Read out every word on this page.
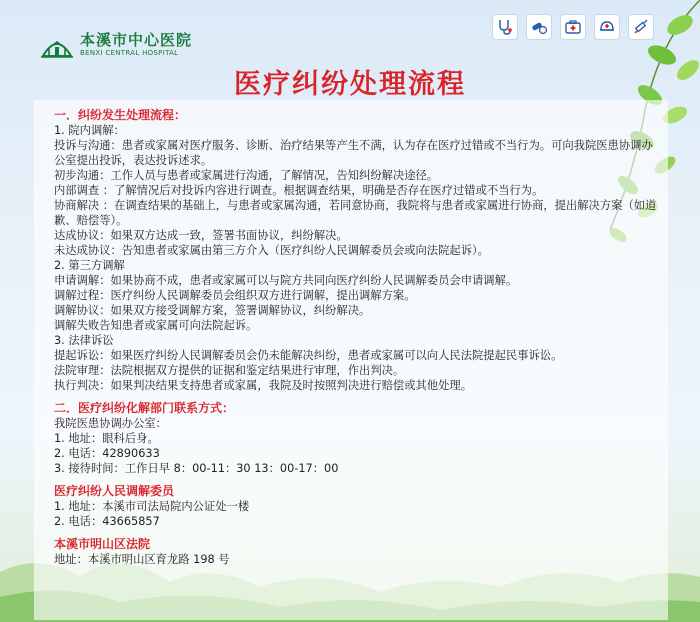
本溪市中心医院
BENXI CENTRAL HOSPITAL
医疗纠纷处理流程
一．纠纷发生处理流程：
1. 院内调解：
投诉与沟通：患者或家属对医疗服务、诊断、治疗结果等产生不满，认为存在医疗过错或不当行为。可向我院医患协调办公室提出投诉，表达投诉述求。
初步沟通：工作人员与患者或家属进行沟通，了解情况，告知纠纷解决途径。
内部调查 ：了解情况后对投诉内容进行调查。根据调查结果，明确是否存在医疗过错或不当行为。
协商解决 ：在调查结果的基础上，与患者或家属沟通，若同意协商，我院将与患者或家属进行协商，提出解决方案（如道歉、赔偿等）。
达成协议：如果双方达成一致，签署书面协议，纠纷解决。
未达成协议：告知患者或家属由第三方介入（医疗纠纷人民调解委员会或向法院起诉）。
2. 第三方调解
申请调解：如果协商不成，患者或家属可以与院方共同向医疗纠纷人民调解委员会申请调解。
调解过程：医疗纠纷人民调解委员会组织双方进行调解，提出调解方案。
调解协议：如果双方接受调解方案，签署调解协议，纠纷解决。
调解失败告知患者或家属可向法院起诉。
3. 法律诉讼
提起诉讼：如果医疗纠纷人民调解委员会仍未能解决纠纷，患者或家属可以向人民法院提起民事诉讼。
法院审理：法院根据双方提供的证据和鉴定结果进行审理，作出判决。
执行判决：如果判决结果支持患者或家属，我院及时按照判决进行赔偿或其他处理。
二．医疗纠纷化解部门联系方式：
我院医患协调办公室：
1. 地址：眼科后身。
2. 电话：42890633
3. 接待时间：工作日早 8：00-11：30 13：00-17：00
医疗纠纷人民调解委员
1. 地址：本溪市司法局院内公证处一楼
2. 电话：43665857
本溪市明山区法院
地址：本溪市明山区育龙路 198 号
